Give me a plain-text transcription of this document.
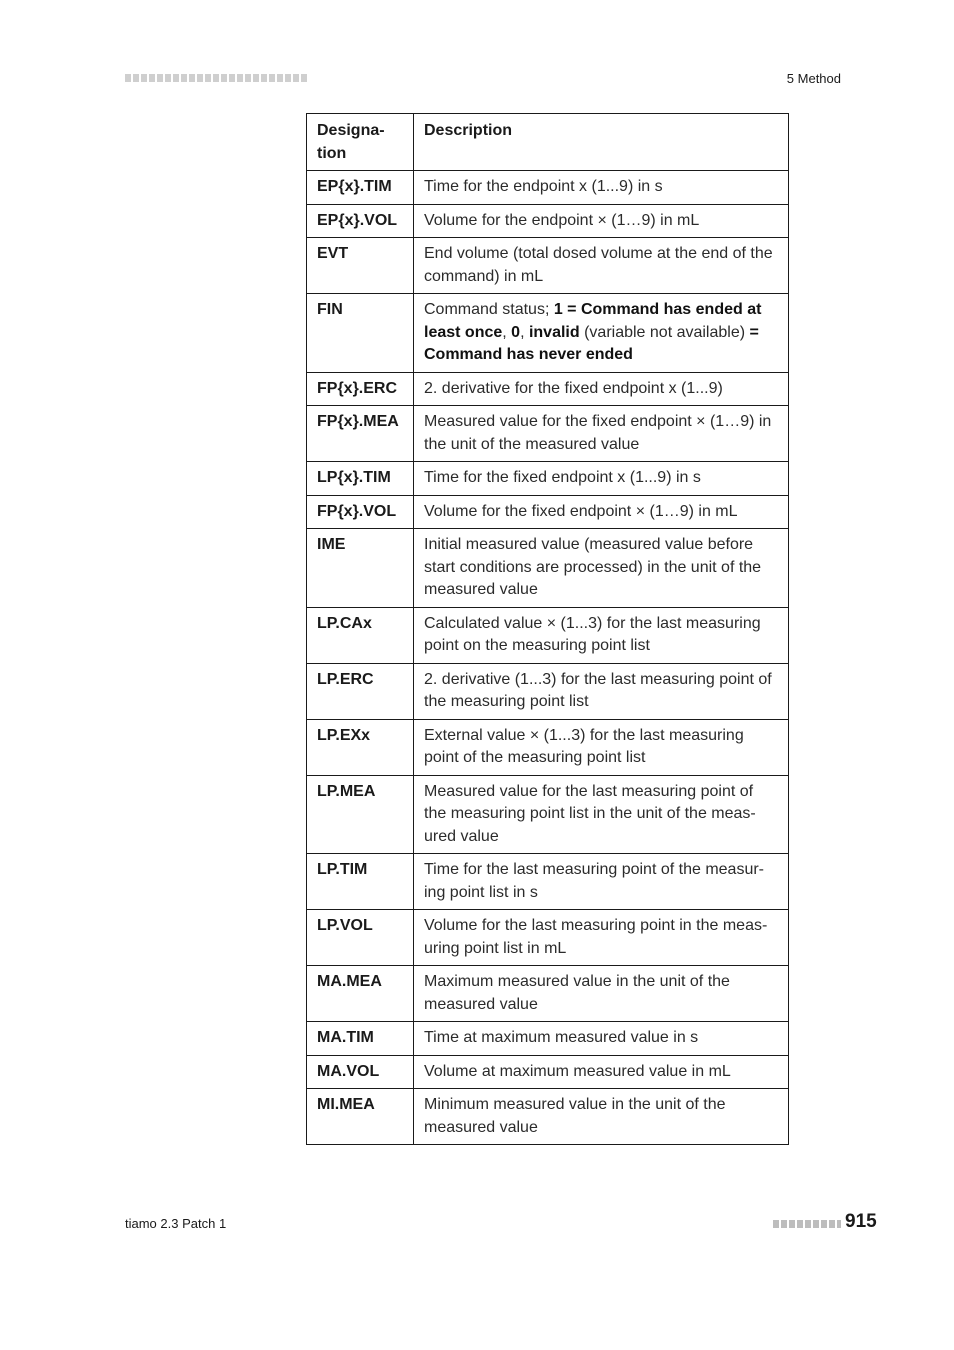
5 Method
Designa-
tion	Description
EP{x}.TIM	Time for the endpoint x (1...9) in s
EP{x}.VOL	Volume for the endpoint × (1…9) in mL
EVT	End volume (total dosed volume at the end of the command) in mL
FIN	Command status; 1 = Command has ended at least once, 0, invalid (variable not available) = Command has never ended
FP{x}.ERC	2. derivative for the fixed endpoint x (1...9)
FP{x}.MEA	Measured value for the fixed endpoint × (1…9) in the unit of the measured value
LP{x}.TIM	Time for the fixed endpoint x (1...9) in s
FP{x}.VOL	Volume for the fixed endpoint × (1…9) in mL
IME	Initial measured value (measured value before start conditions are processed) in the unit of the measured value
LP.CAx	Calculated value × (1...3) for the last measuring point on the measuring point list
LP.ERC	2. derivative (1...3) for the last measuring point of the measuring point list
LP.EXx	External value × (1...3) for the last measuring point of the measuring point list
LP.MEA	Measured value for the last measuring point of the measuring point list in the unit of the meas-ured value
LP.TIM	Time for the last measuring point of the measur-ing point list in s
LP.VOL	Volume for the last measuring point in the meas-uring point list in mL
MA.MEA	Maximum measured value in the unit of the measured value
MA.TIM	Time at maximum measured value in s
MA.VOL	Volume at maximum measured value in mL
MI.MEA	Minimum measured value in the unit of the measured value
tiamo 2.3 Patch 1	915
